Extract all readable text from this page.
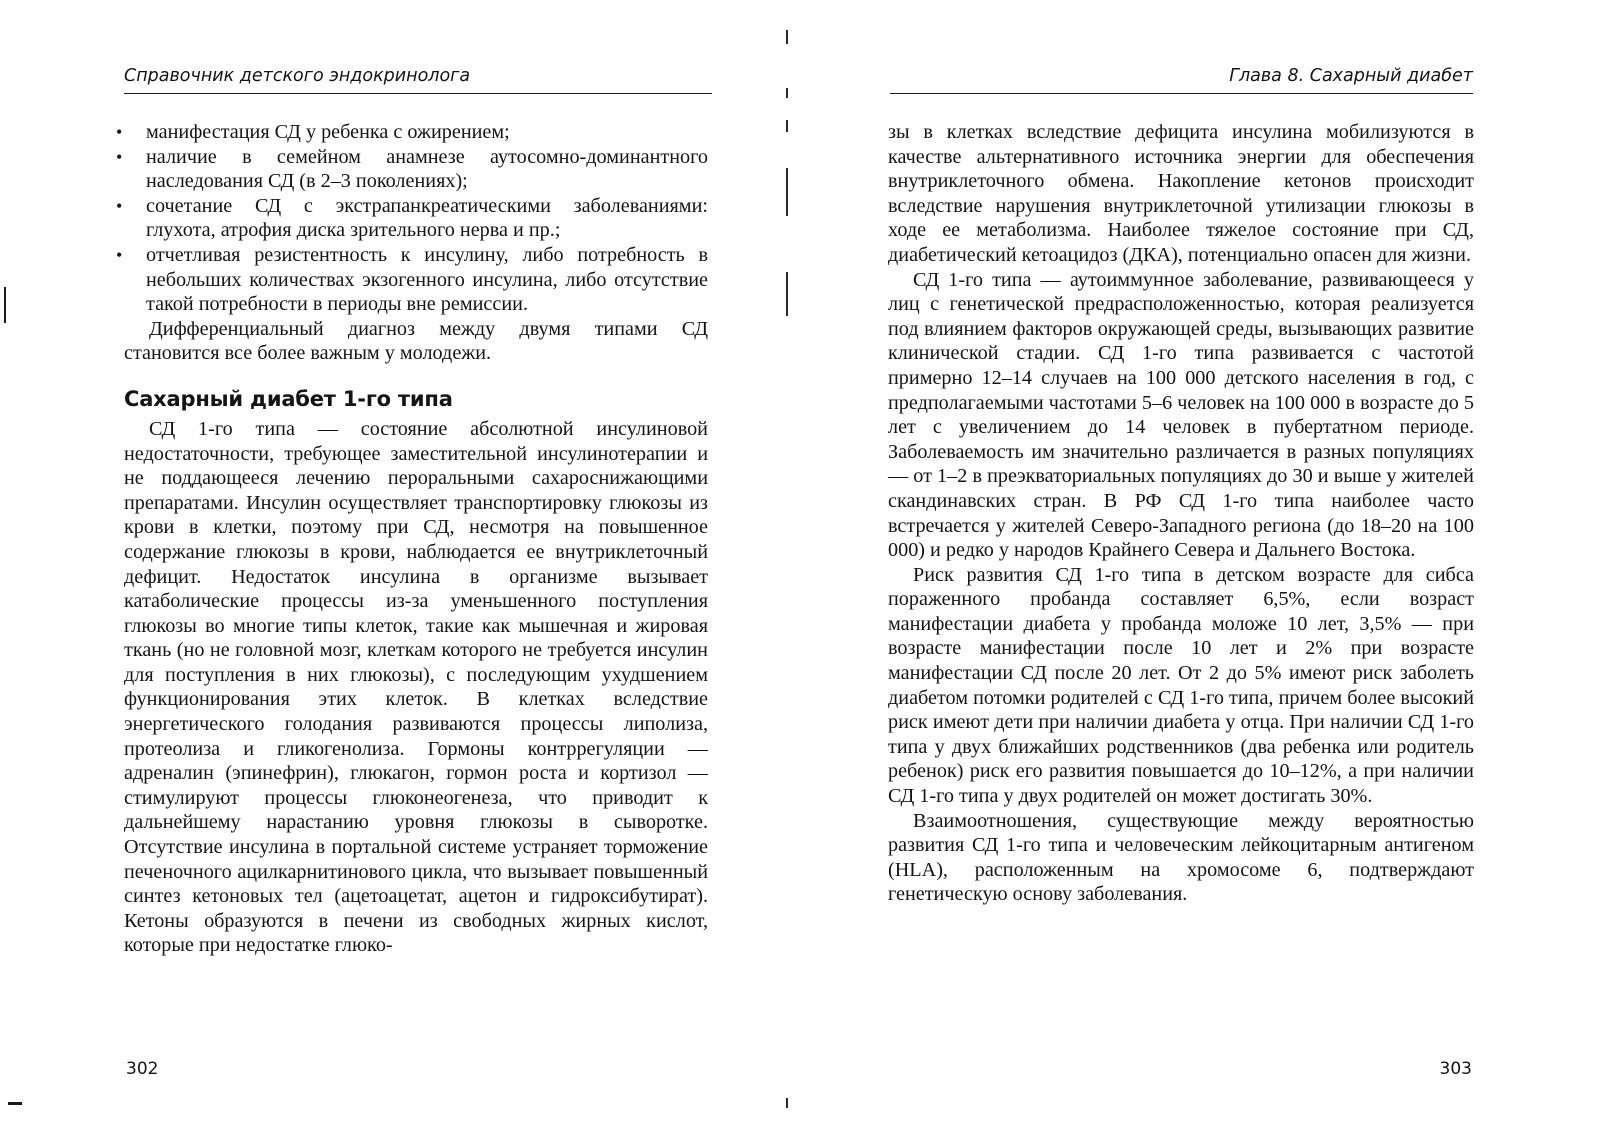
Справочник детского эндокринолога
• манифестация СД у ребенка с ожирением;
• наличие в семейном анамнезе аутосомно-доминантного наследования СД (в 2–3 поколениях);
• сочетание СД с экстрапанкреатическими заболеваниями: глухота, атрофия диска зрительного нерва и пр.;
• отчетливая резистентность к инсулину, либо потребность в небольших количествах экзогенного инсулина, либо отсутствие такой потребности в периоды вне ремиссии.

Дифференциальный диагноз между двумя типами СД становится все более важным у молодежи.

Сахарный диабет 1-го типа

СД 1-го типа — состояние абсолютной инсулиновой недостаточности, требующее заместительной инсулинотерапии и не поддающееся лечению пероральными сахароснижающими препаратами. Инсулин осуществляет транспортировку глюкозы из крови в клетки, поэтому при СД, несмотря на повышенное содержание глюкозы в крови, наблюдается ее внутриклеточный дефицит. Недостаток инсулина в организме вызывает катаболические процессы из-за уменьшенного поступления глюкозы во многие типы клеток, такие как мышечная и жировая ткань (но не головной мозг, клеткам которого не требуется инсулин для поступления в них глюкозы), с последующим ухудшением функционирования этих клеток. В клетках вследствие энергетического голодания развиваются процессы липолиза, протеолиза и гликогенолиза. Гормоны контррегуляции — адреналин (эпинефрин), глюкагон, гормон роста и кортизол — стимулируют процессы глюконеогенеза, что приводит к дальнейшему нарастанию уровня глюкозы в сыворотке. Отсутствие инсулина в портальной системе устраняет торможение печеночного ацилкарнитинового цикла, что вызывает повышенный синтез кетоновых тел (ацетоацетат, ацетон и гидроксибутират). Кетоны образуются в печени из свободных жирных кислот, которые при недостатке глюко-

302
Глава 8. Сахарный диабет

зы в клетках вследствие дефицита инсулина мобилизуются в качестве альтернативного источника энергии для обеспечения внутриклеточного обмена. Накопление кетонов происходит вследствие нарушения внутриклеточной утилизации глюкозы в ходе ее метаболизма. Наиболее тяжелое состояние при СД, диабетический кетоацидоз (ДКА), потенциально опасен для жизни.

СД 1-го типа — аутоиммунное заболевание, развивающееся у лиц с генетической предрасположенностью, которая реализуется под влиянием факторов окружающей среды, вызывающих развитие клинической стадии. СД 1-го типа развивается с частотой примерно 12–14 случаев на 100 000 детского населения в год, с предполагаемыми частотами 5–6 человек на 100 000 в возрасте до 5 лет с увеличением до 14 человек в пубертатном периоде. Заболеваемость им значительно различается в разных популяциях — от 1–2 в преэкваториальных популяциях до 30 и выше у жителей скандинавских стран. В РФ СД 1-го типа наиболее часто встречается у жителей Северо-Западного региона (до 18–20 на 100 000) и редко у народов Крайнего Севера и Дальнего Востока.

Риск развития СД 1-го типа в детском возрасте для сибса пораженного пробанда составляет 6,5%, если возраст манифестации диабета у пробанда моложе 10 лет, 3,5% — при возрасте манифестации после 10 лет и 2% при возрасте манифестации СД после 20 лет. От 2 до 5% имеют риск заболеть диабетом потомки родителей с СД 1-го типа, причем более высокий риск имеют дети при наличии диабета у отца. При наличии СД 1-го типа у двух ближайших родственников (два ребенка или родитель ребенок) риск его развития повышается до 10–12%, а при наличии СД 1-го типа у двух родителей он может достигать 30%.

Взаимоотношения, существующие между вероятностью развития СД 1-го типа и человеческим лейкоцитарным антигеном (HLA), расположенным на хромосоме 6, подтверждают генетическую основу заболевания.

303
